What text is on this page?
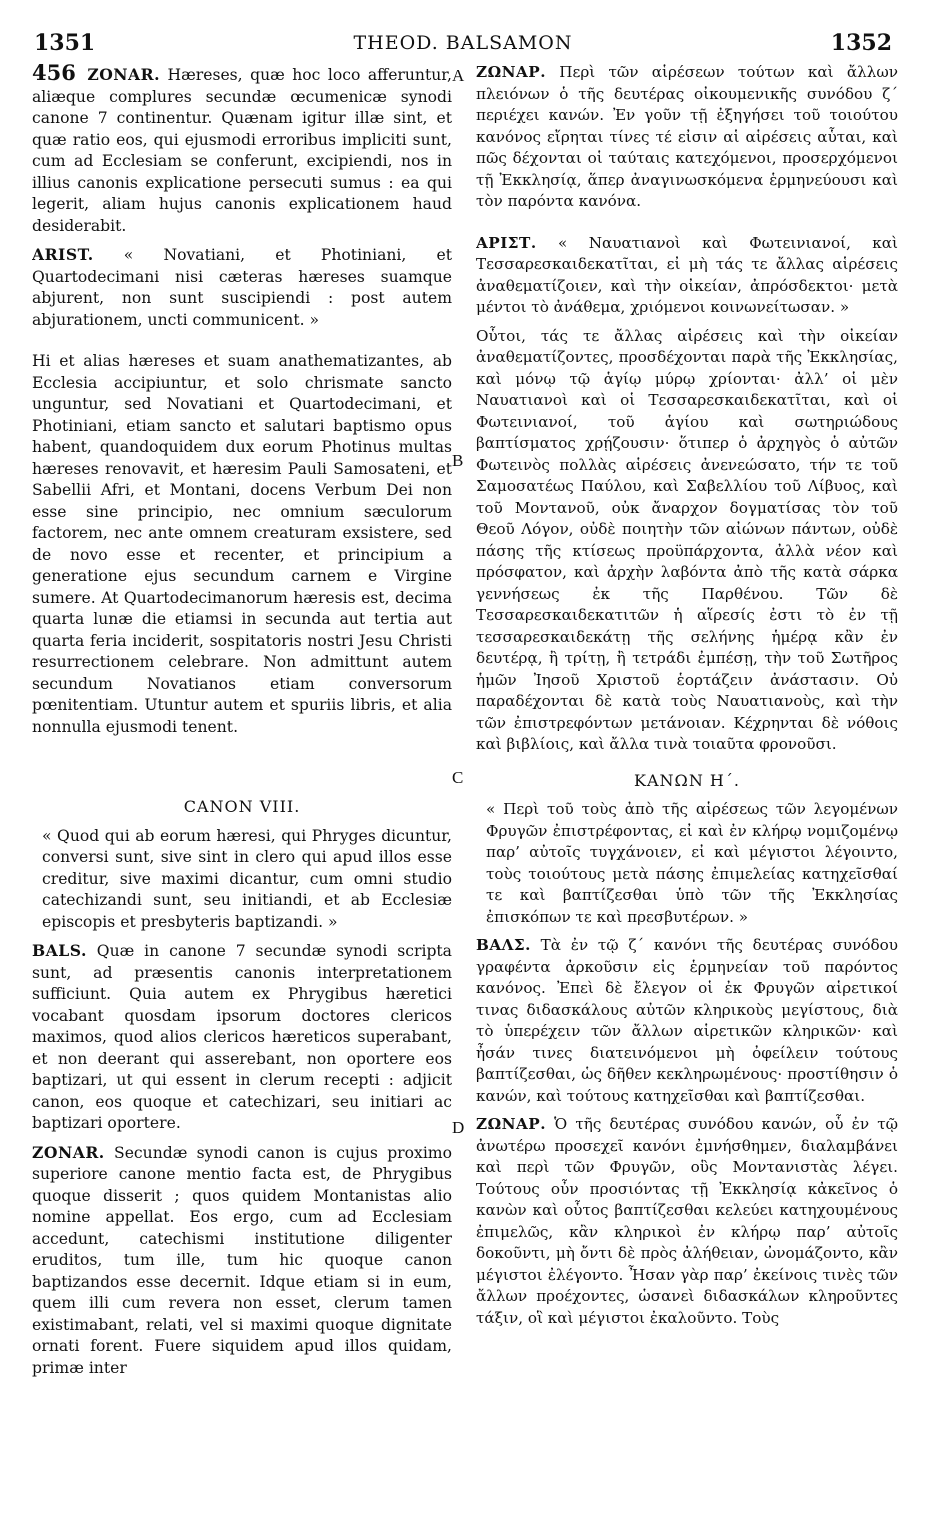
1351	THEOD. BALSAMON	1352
A
B
C
D

456 ZONAR. Hæreses, quæ hoc loco afferuntur, aliæque complures secundæ œcumenicæ synodi canone 7 continentur. Quænam igitur illæ sint, et quæ ratio eos, qui ejusmodi erroribus impliciti sunt, cum ad Ecclesiam se conferunt, excipiendi, nos in illius canonis explicatione persecuti sumus : ea qui legerit, aliam hujus canonis explicationem haud desiderabit.

ARIST. « Novatiani, et Photiniani, et Quartodecimani nisi cæteras hæreses suamque abjurent, non sunt suscipiendi : post autem abjurationem, uncti communicent. »

Hi et alias hæreses et suam anathematizantes, ab Ecclesia accipiuntur, et solo chrismate sancto unguntur, sed Novatiani et Quartodecimani, et Photiniani, etiam sancto et salutari baptismo opus habent, quandoquidem dux eorum Photinus multas hæreses renovavit, et hæresim Pauli Samosateni, et Sabellii Afri, et Montani, docens Verbum Dei non esse sine principio, nec omnium sæculorum factorem, nec ante omnem creaturam exsistere, sed de novo esse et recenter, et principium a generatione ejus secundum carnem e Virgine sumere. At Quartodecimanorum hæresis est, decima quarta lunæ die etiamsi in secunda aut tertia aut quarta feria inciderit, sospitatoris nostri Jesu Christi resurrectionem celebrare. Non admittunt autem secundum Novatianos etiam conversorum pœnitentiam. Utuntur autem et spuriis libris, et alia nonnulla ejusmodi tenent.

CANON VIII.

« Quod qui ab eorum hæresi, qui Phryges dicuntur, conversi sunt, sive sint in clero qui apud illos esse creditur, sive maximi dicantur, cum omni studio catechizandi sunt, seu initiandi, et ab Ecclesiæ episcopis et presbyteris baptizandi. »

BALS. Quæ in canone 7 secundæ synodi scripta sunt, ad præsentis canonis interpretationem sufficiunt. Quia autem ex Phrygibus hæretici vocabant quosdam ipsorum doctores clericos maximos, quod alios clericos hæreticos superabant, et non deerant qui asserebant, non oportere eos baptizari, ut qui essent in clerum recepti : adjicit canon, eos quoque et catechizari, seu initiari ac baptizari oportere.

ZONAR. Secundæ synodi canon is cujus proximo superiore canone mentio facta est, de Phrygibus quoque disserit ; quos quidem Montanistas alio nomine appellat. Eos ergo, cum ad Ecclesiam accedunt, catechismi institutione diligenter eruditos, tum ille, tum hic quoque canon baptizandos esse decernit. Idque etiam si in eum, quem illi cum revera non esset, clerum tamen existimabant, relati, vel si maximi quoque dignitate ornati forent. Fuere siquidem apud illos quidam, primæ inter

ΖΩΝΑΡ. Περὶ τῶν αἱρέσεων τούτων καὶ ἄλλων πλειόνων ὁ τῆς δευτέρας οἰκουμενικῆς συνόδου ζ΄ περιέχει κανών. Ἐν γοῦν τῇ ἐξηγήσει τοῦ τοιούτου κανόνος εἴρηται τίνες τέ εἰσιν αἱ αἱρέσεις αὗται, καὶ πῶς δέχονται οἱ ταύταις κατεχόμενοι, προσερχόμενοι τῇ Ἐκκλησίᾳ, ἅπερ ἀναγινωσκόμενα ἑρμηνεύουσι καὶ τὸν παρόντα κανόνα.

ΑΡΙΣΤ. « Ναυατιανοὶ καὶ Φωτεινιανοί, καὶ Τεσσαρεσκαιδεκατῖται, εἰ μὴ τάς τε ἄλλας αἱρέσεις ἀναθεματίζοιεν, καὶ τὴν οἰκείαν, ἀπρόσδεκτοι· μετὰ μέντοι τὸ ἀνάθεμα, χριόμενοι κοινωνείτωσαν. »

Οὗτοι, τάς τε ἄλλας αἱρέσεις καὶ τὴν οἰκείαν ἀναθεματίζοντες, προσδέχονται παρὰ τῆς Ἐκκλησίας, καὶ μόνῳ τῷ ἁγίῳ μύρῳ χρίονται· ἀλλ’ οἱ μὲν Ναυατιανοὶ καὶ οἱ Τεσσαρεσκαιδεκατῖται, καὶ οἱ Φωτεινιανοί, τοῦ ἁγίου καὶ σωτηριώδους βαπτίσματος χρῄζουσιν· ὅτιπερ ὁ ἀρχηγὸς ὁ αὐτῶν Φωτεινὸς πολλὰς αἱρέσεις ἀνενεώσατο, τήν τε τοῦ Σαμοσατέως Παύλου, καὶ Σαβελλίου τοῦ Λίβυος, καὶ τοῦ Μοντανοῦ, οὐκ ἄναρχον δογματίσας τὸν τοῦ Θεοῦ Λόγον, οὐδὲ ποιητὴν τῶν αἰώνων πάντων, οὐδὲ πάσης τῆς κτίσεως προϋπάρχοντα, ἀλλὰ νέον καὶ πρόσφατον, καὶ ἀρχὴν λαβόντα ἀπὸ τῆς κατὰ σάρκα γεννήσεως ἐκ τῆς Παρθένου. Τῶν δὲ Τεσσαρεσκαιδεκατιτῶν ἡ αἵρεσίς ἐστι τὸ ἐν τῇ τεσσαρεσκαιδεκάτῃ τῆς σελήνης ἡμέρᾳ κἂν ἐν δευτέρᾳ, ἢ τρίτῃ, ἢ τετράδι ἐμπέσῃ, τὴν τοῦ Σωτῆρος ἡμῶν Ἰησοῦ Χριστοῦ ἑορτάζειν ἀνάστασιν. Οὐ παραδέχονται δὲ κατὰ τοὺς Ναυατιανοὺς, καὶ τὴν τῶν ἐπιστρεφόντων μετάνοιαν. Κέχρηνται δὲ νόθοις καὶ βιβλίοις, καὶ ἄλλα τινὰ τοιαῦτα φρονοῦσι.

ΚΑΝΩΝ Η΄.

« Περὶ τοῦ τοὺς ἀπὸ τῆς αἱρέσεως τῶν λεγομένων Φρυγῶν ἐπιστρέφοντας, εἰ καὶ ἐν κλήρῳ νομιζομένῳ παρ’ αὐτοῖς τυγχάνοιεν, εἰ καὶ μέγιστοι λέγοιντο, τοὺς τοιούτους μετὰ πάσης ἐπιμελείας κατηχεῖσθαί τε καὶ βαπτίζεσθαι ὑπὸ τῶν τῆς Ἐκκλησίας ἐπισκόπων τε καὶ πρεσβυτέρων. »

ΒΑΛΣ. Τὰ ἐν τῷ ζ΄ κανόνι τῆς δευτέρας συνόδου γραφέντα ἀρκοῦσιν εἰς ἑρμηνείαν τοῦ παρόντος κανόνος. Ἐπεὶ δὲ ἔλεγον οἱ ἐκ Φρυγῶν αἱρετικοί τινας διδασκάλους αὐτῶν κληρικοὺς μεγίστους, διὰ τὸ ὑπερέχειν τῶν ἄλλων αἱρετικῶν κληρικῶν· καὶ ἦσάν τινες διατεινόμενοι μὴ ὀφείλειν τούτους βαπτίζεσθαι, ὡς δῆθεν κεκληρωμένους· προστίθησιν ὁ κανών, καὶ τούτους κατηχεῖσθαι καὶ βαπτίζεσθαι.

ΖΩΝΑΡ. Ὁ τῆς δευτέρας συνόδου κανών, οὗ ἐν τῷ ἀνωτέρω προσεχεῖ κανόνι ἐμνήσθημεν, διαλαμβάνει καὶ περὶ τῶν Φρυγῶν, οὓς Μοντανιστὰς λέγει. Τούτους οὖν προσιόντας τῇ Ἐκκλησίᾳ κἀκεῖνος ὁ κανὼν καὶ οὗτος βαπτίζεσθαι κελεύει κατηχουμένους ἐπιμελῶς, κἂν κληρικοὶ ἐν κλήρῳ παρ’ αὐτοῖς δοκοῦντι, μὴ ὄντι δὲ πρὸς ἀλήθειαν, ὠνομάζοντο, κἂν μέγιστοι ἐλέγοντο. Ἦσαν γὰρ παρ’ ἐκείνοις τινὲς τῶν ἄλλων προέχοντες, ὡσανεὶ διδασκάλων κληροῦντες τάξιν, οἳ καὶ μέγιστοι ἐκαλοῦντο. Τοὺς
